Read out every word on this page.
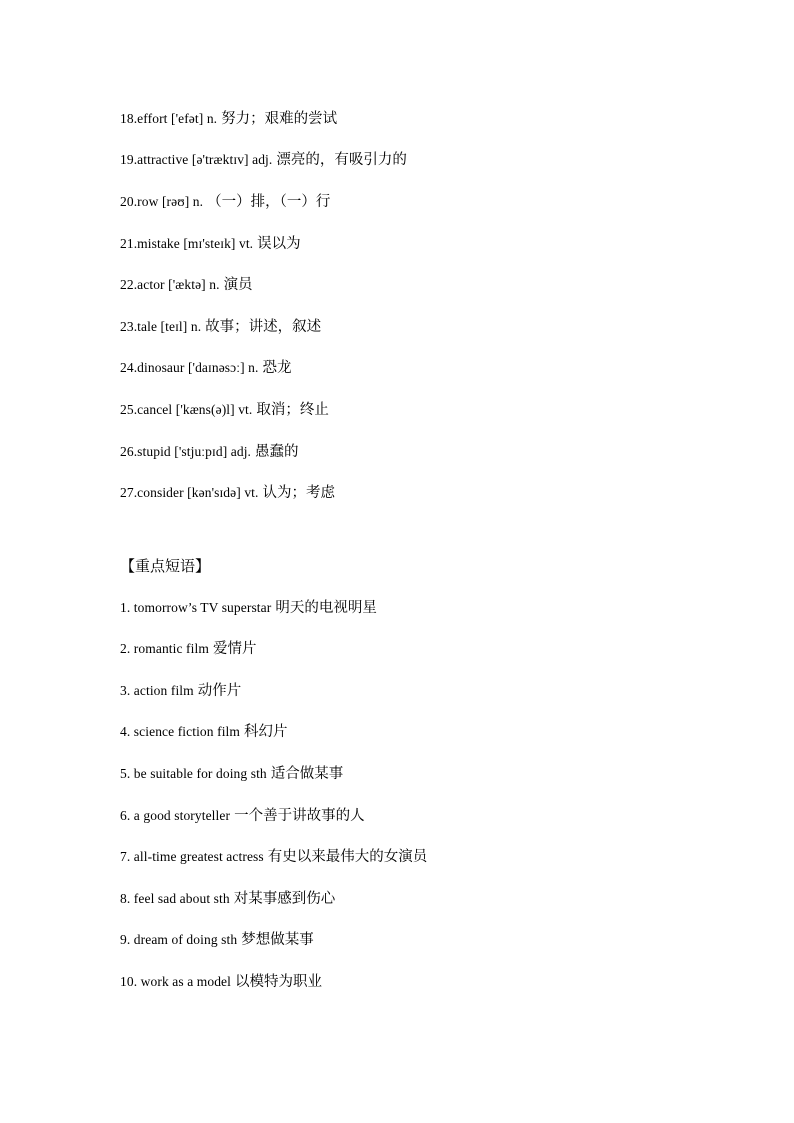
18.effort ['efət] n. 努力；艰难的尝试
19.attractive [ə'træktɪv] adj. 漂亮的，有吸引力的
20.row [rəʊ] n. （一）排，（一）行
21.mistake [mɪ'steɪk] vt. 误以为
22.actor ['æktə] n. 演员
23.tale [teɪl] n. 故事；讲述，叙述
24.dinosaur ['daɪnəsɔː] n. 恐龙
25.cancel ['kæns(ə)l] vt. 取消；终止
26.stupid ['stjuːpɪd] adj. 愚蠢的
27.consider [kən'sɪdə] vt. 认为；考虑
【重点短语】
1. tomorrow’s TV superstar 明天的电视明星
2. romantic film 爱情片
3. action film 动作片
4. science fiction film 科幻片
5. be suitable for doing sth 适合做某事
6. a good storyteller 一个善于讲故事的人
7. all-time greatest actress 有史以来最伟大的女演员
8. feel sad about sth 对某事感到伤心
9. dream of doing sth 梦想做某事
10. work as a model 以模特为职业
